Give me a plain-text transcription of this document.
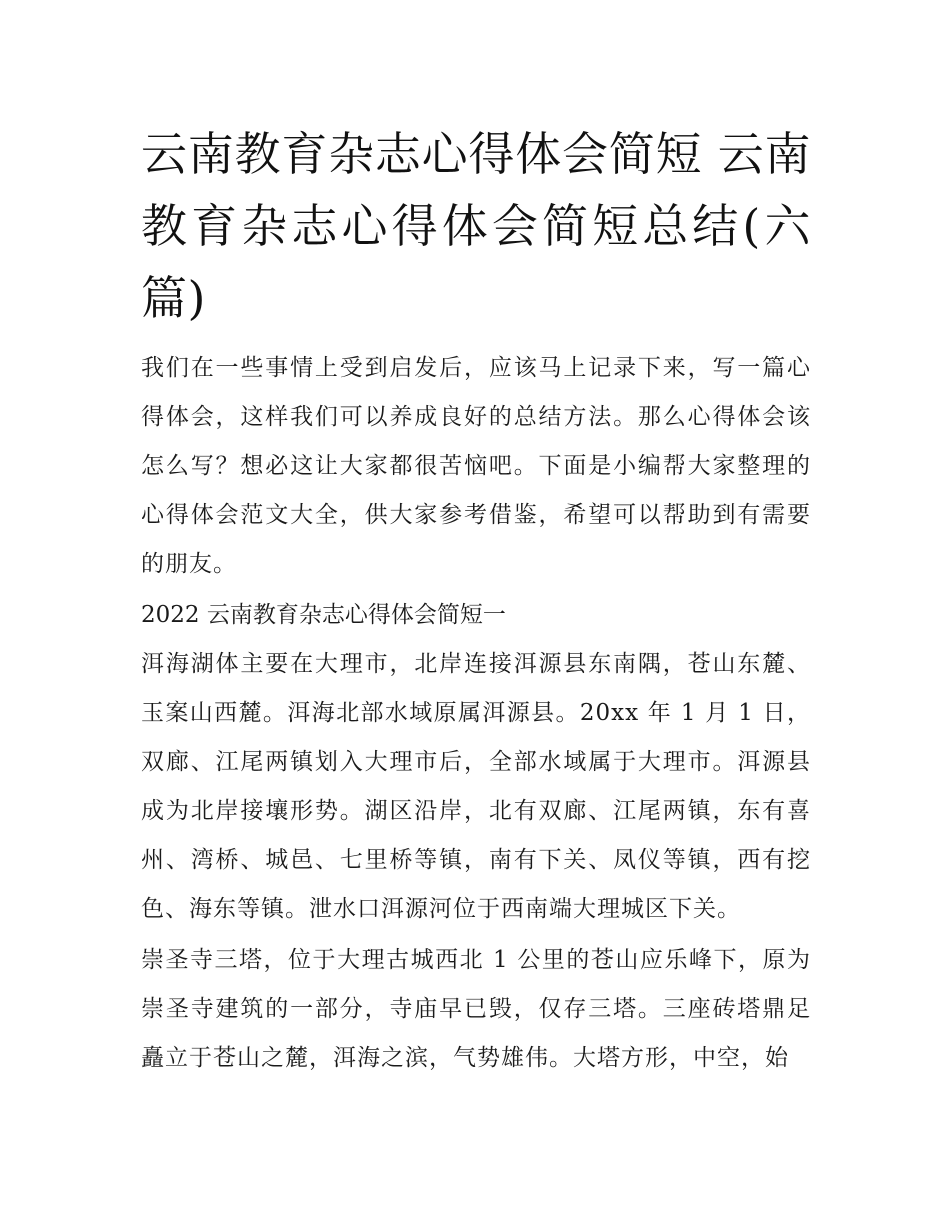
云南教育杂志心得体会简短 云南教育杂志心得体会简短总结(六篇)

我们在一些事情上受到启发后，应该马上记录下来，写一篇心得体会，这样我们可以养成良好的总结方法。那么心得体会该怎么写？想必这让大家都很苦恼吧。下面是小编帮大家整理的心得体会范文大全，供大家参考借鉴，希望可以帮助到有需要的朋友。

2022 云南教育杂志心得体会简短一

洱海湖体主要在大理市，北岸连接洱源县东南隅，苍山东麓、玉案山西麓。洱海北部水域原属洱源县。20xx 年 1 月 1 日，双廊、江尾两镇划入大理市后，全部水域属于大理市。洱源县成为北岸接壤形势。湖区沿岸，北有双廊、江尾两镇，东有喜州、湾桥、城邑、七里桥等镇，南有下关、凤仪等镇，西有挖色、海东等镇。泄水口洱源河位于西南端大理城区下关。

崇圣寺三塔，位于大理古城西北 1 公里的苍山应乐峰下，原为崇圣寺建筑的一部分，寺庙早已毁，仅存三塔。三座砖塔鼎足矗立于苍山之麓，洱海之滨，气势雄伟。大塔方形，中空，始
